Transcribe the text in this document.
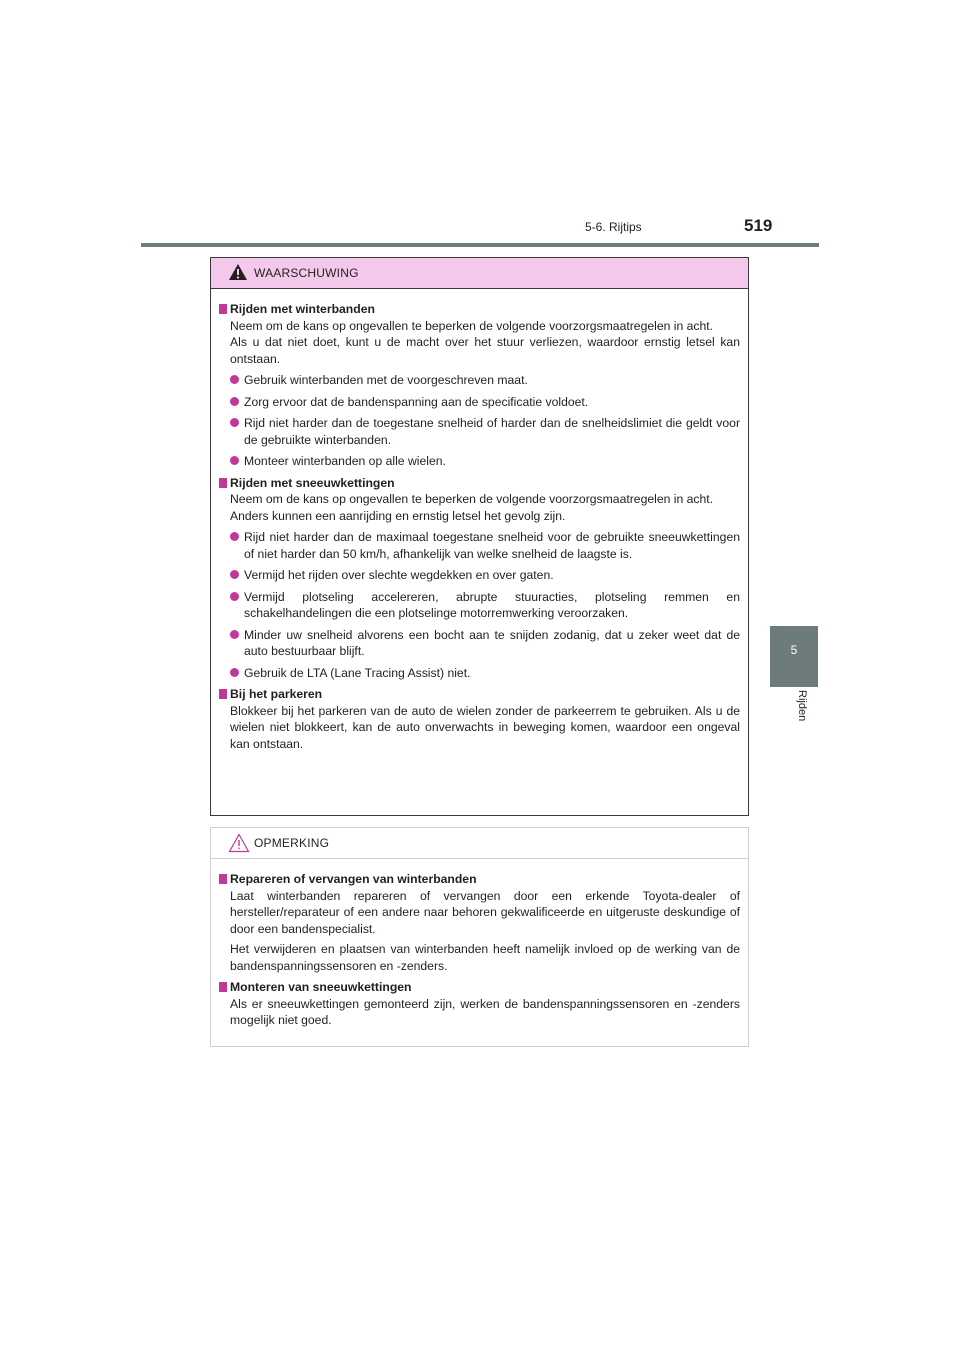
5-6. Rijtips	519
5
Rijden
WAARSCHUWING

Rijden met winterbanden

Neem om de kans op ongevallen te beperken de volgende voorzorgsmaatregelen in acht.

Als u dat niet doet, kunt u de macht over het stuur verliezen, waardoor ernstig letsel kan ontstaan.

Gebruik winterbanden met de voorgeschreven maat.
Zorg ervoor dat de bandenspanning aan de specificatie voldoet.
Rijd niet harder dan de toegestane snelheid of harder dan de snelheidslimiet die geldt voor de gebruikte winterbanden.
Monteer winterbanden op alle wielen.

Rijden met sneeuwkettingen

Neem om de kans op ongevallen te beperken de volgende voorzorgsmaatregelen in acht.

Anders kunnen een aanrijding en ernstig letsel het gevolg zijn.

Rijd niet harder dan de maximaal toegestane snelheid voor de gebruikte sneeuwkettingen of niet harder dan 50 km/h, afhankelijk van welke snelheid de laagste is.
Vermijd het rijden over slechte wegdekken en over gaten.
Vermijd plotseling accelereren, abrupte stuuracties, plotseling remmen en schakelhandelingen die een plotselinge motorremwerking veroorzaken.
Minder uw snelheid alvorens een bocht aan te snijden zodanig, dat u zeker weet dat de auto bestuurbaar blijft.
Gebruik de LTA (Lane Tracing Assist) niet.

Bij het parkeren

Blokkeer bij het parkeren van de auto de wielen zonder de parkeerrem te gebruiken. Als u de wielen niet blokkeert, kan de auto onverwachts in beweging komen, waardoor een ongeval kan ontstaan.

OPMERKING

Repareren of vervangen van winterbanden

Laat winterbanden repareren of vervangen door een erkende Toyota-dealer of hersteller/reparateur of een andere naar behoren gekwalificeerde en uitgeruste deskundige of door een bandenspecialist.

Het verwijderen en plaatsen van winterbanden heeft namelijk invloed op de werking van de bandenspanningssensoren en -zenders.

Monteren van sneeuwkettingen

Als er sneeuwkettingen gemonteerd zijn, werken de bandenspanningssensoren en -zenders mogelijk niet goed.
